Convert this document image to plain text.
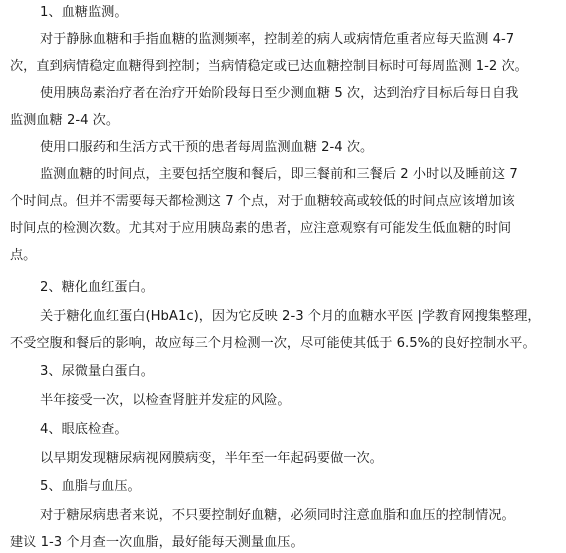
1、血糖监测。
对于静脉血糖和手指血糖的监测频率，控制差的病人或病情危重者应每天监测 4-7
次，直到病情稳定血糖得到控制；当病情稳定或已达血糖控制目标时可每周监测 1-2 次。
使用胰岛素治疗者在治疗开始阶段每日至少测血糖 5 次，达到治疗目标后每日自我
监测血糖 2-4 次。
使用口服药和生活方式干预的患者每周监测血糖 2-4 次。
监测血糖的时间点，主要包括空腹和餐后，即三餐前和三餐后 2 小时以及睡前这 7
个时间点。但并不需要每天都检测这 7 个点，对于血糖较高或较低的时间点应该增加该
时间点的检测次数。尤其对于应用胰岛素的患者，应注意观察有可能发生低血糖的时间
点。
2、糖化血红蛋白。
关于糖化血红蛋白(HbA1c)，因为它反映 2-3 个月的血糖水平医 |学教育网搜集整理，
不受空腹和餐后的影响，故应每三个月检测一次，尽可能使其低于 6.5%的良好控制水平。
3、尿微量白蛋白。
半年接受一次，以检查肾脏并发症的风险。
4、眼底检查。
以早期发现糖尿病视网膜病变，半年至一年起码要做一次。
5、血脂与血压。
对于糖尿病患者来说，不只要控制好血糖，必须同时注意血脂和血压的控制情况。
建议 1-3 个月查一次血脂，最好能每天测量血压。
